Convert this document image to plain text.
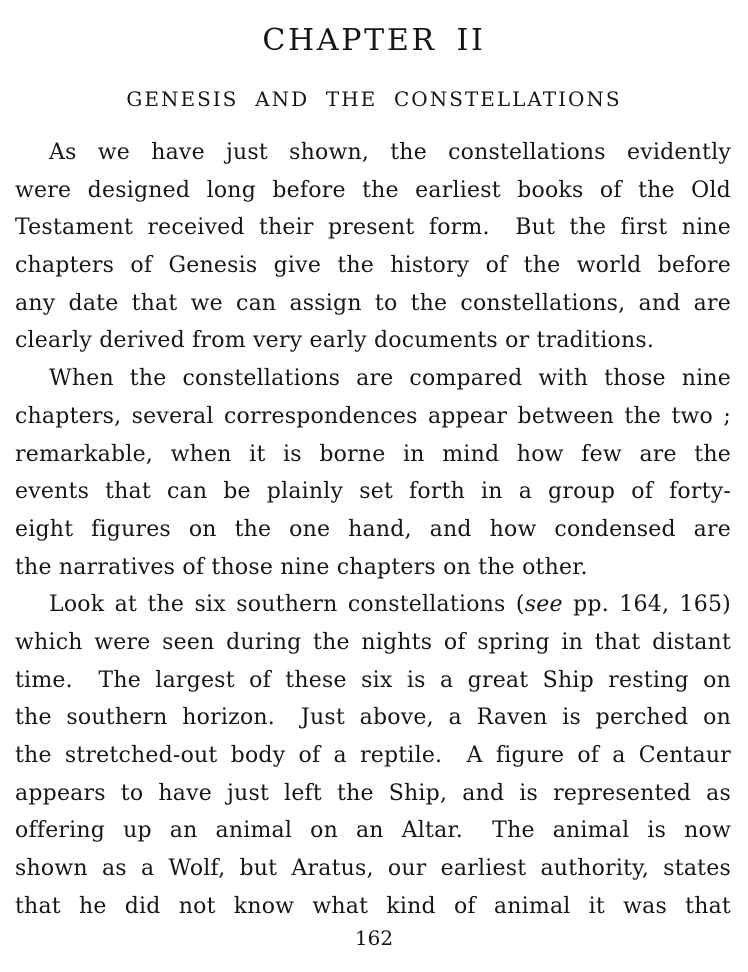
CHAPTER II
GENESIS AND THE CONSTELLATIONS
As we have just shown, the constellations evidently
were designed long before the earliest books of the Old
Testament received their present form.  But the first nine
chapters of Genesis give the history of the world before
any date that we can assign to the constellations, and are
clearly derived from very early documents or traditions.
When the constellations are compared with those nine
chapters, several correspondences appear between the two ;
remarkable, when it is borne in mind how few are the
events that can be plainly set forth in a group of forty-
eight figures on the one hand, and how condensed are
the narratives of those nine chapters on the other.
Look at the six southern constellations (see pp. 164, 165)
which were seen during the nights of spring in that distant
time.  The largest of these six is a great Ship resting on
the southern horizon.  Just above, a Raven is perched on
the stretched-out body of a reptile.  A figure of a Centaur
appears to have just left the Ship, and is represented as
offering up an animal on an Altar.  The animal is now
shown as a Wolf, but Aratus, our earliest authority, states
that he did not know what kind of animal it was that
162
